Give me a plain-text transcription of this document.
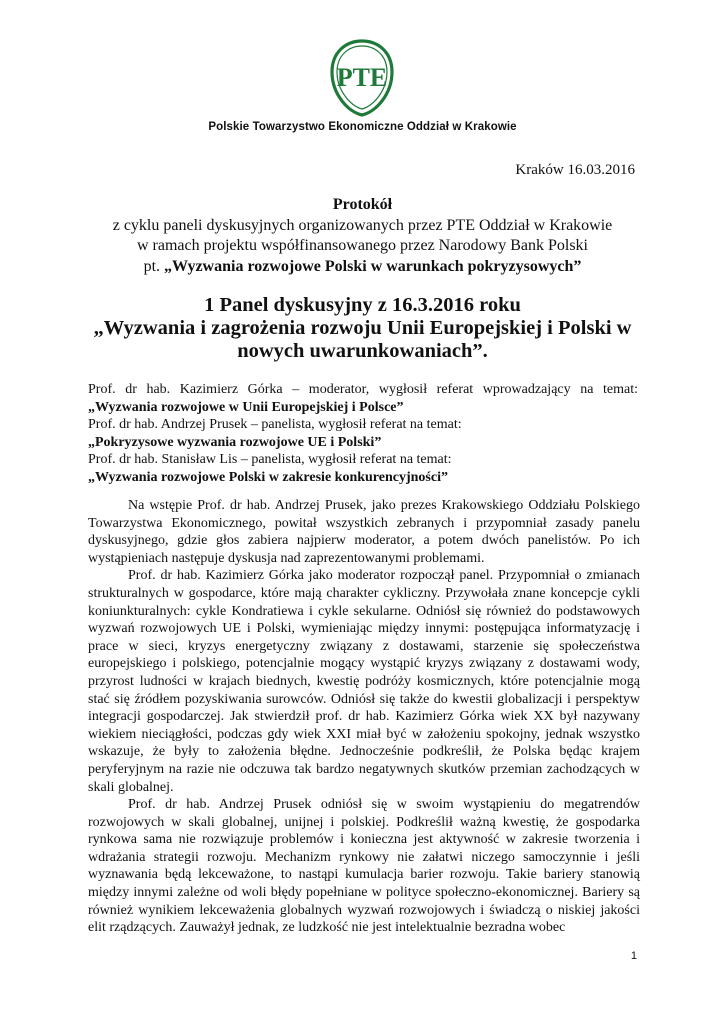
PTE
Polskie Towarzystwo Ekonomiczne Oddział w Krakowie
Kraków 16.03.2016
Protokół
z cyklu paneli dyskusyjnych organizowanych przez PTE Oddział w Krakowie
w ramach projektu współfinansowanego przez Narodowy Bank Polski
pt. „Wyzwania rozwojowe Polski w warunkach pokryzysowych”
1 Panel dyskusyjny z 16.3.2016 roku
„Wyzwania i zagrożenia rozwoju Unii Europejskiej i Polski w nowych uwarunkowaniach”.
Prof. dr hab. Kazimierz Górka – moderator, wygłosił referat wprowadzający na temat:
„Wyzwania rozwojowe w Unii Europejskiej i Polsce”
Prof. dr hab. Andrzej Prusek – panelista, wygłosił referat na temat:
„Pokryzysowe wyzwania rozwojowe UE i Polski”
Prof. dr hab. Stanisław Lis – panelista, wygłosił referat na temat:
„Wyzwania rozwojowe Polski w zakresie konkurencyjności”

Na wstępie Prof. dr hab. Andrzej Prusek, jako prezes Krakowskiego Oddziału Polskiego Towarzystwa Ekonomicznego, powitał wszystkich zebranych i przypomniał zasady panelu dyskusyjnego, gdzie głos zabiera najpierw moderator, a potem dwóch panelistów. Po ich wystąpieniach następuje dyskusja nad zaprezentowanymi problemami.

Prof. dr hab. Kazimierz Górka jako moderator rozpoczął panel. Przypomniał o zmianach strukturalnych w gospodarce, które mają charakter cykliczny. Przywołała znane koncepcje cykli koniunkturalnych: cykle Kondratiewa i cykle sekularne. Odniósł się również do podstawowych wyzwań rozwojowych UE i Polski, wymieniając między innymi: postępująca informatyzację i prace w sieci, kryzys energetyczny związany z dostawami, starzenie się społeczeństwa europejskiego i polskiego, potencjalnie mogący wystąpić kryzys związany z dostawami wody, przyrost ludności w krajach biednych, kwestię podróży kosmicznych, które potencjalnie mogą stać się źródłem pozyskiwania surowców. Odniósł się także do kwestii globalizacji i perspektyw integracji gospodarczej. Jak stwierdził prof. dr hab. Kazimierz Górka wiek XX był nazywany wiekiem nieciągłości, podczas gdy wiek XXI miał być w założeniu spokojny, jednak wszystko wskazuje, że były to założenia błędne. Jednocześnie podkreślił, że Polska będąc krajem peryferyjnym na razie nie odczuwa tak bardzo negatywnych skutków przemian zachodzących w skali globalnej.

Prof. dr hab. Andrzej Prusek odniósł się w swoim wystąpieniu do megatrendów rozwojowych w skali globalnej, unijnej i polskiej. Podkreślił ważną kwestię, że gospodarka rynkowa sama nie rozwiązuje problemów i konieczna jest aktywność w zakresie tworzenia i wdrażania strategii rozwoju. Mechanizm rynkowy nie załatwi niczego samoczynnie i jeśli wyznawania będą lekceważone, to nastąpi kumulacja barier rozwoju. Takie bariery stanowią między innymi zależne od woli błędy popełniane w polityce społeczno-ekonomicznej. Bariery są również wynikiem lekceważenia globalnych wyzwań rozwojowych i świadczą o niskiej jakości elit rządzących. Zauważył jednak, ze ludzkość nie jest intelektualnie bezradna wobec

1
